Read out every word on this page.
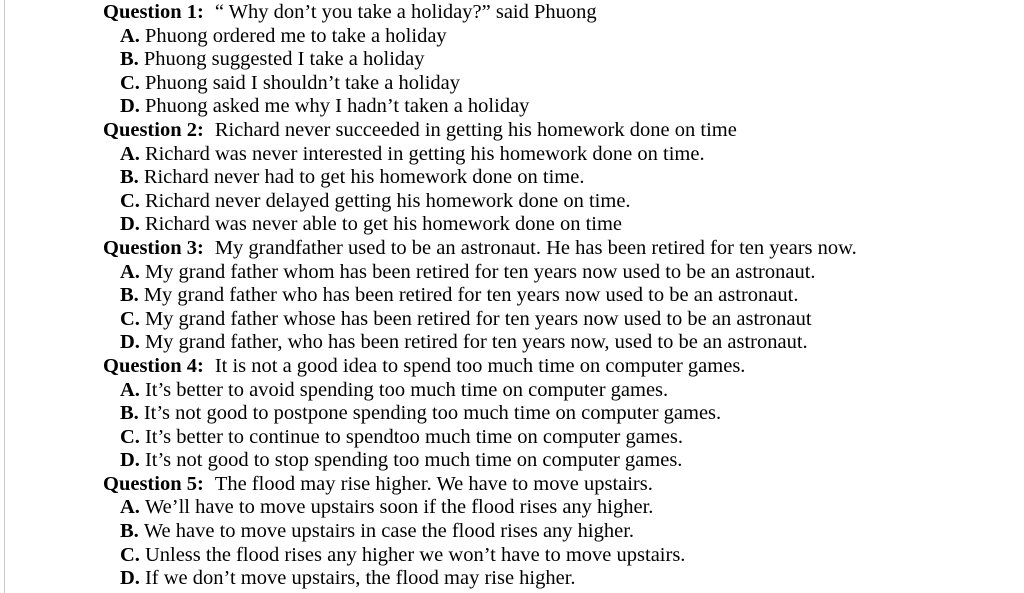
Question 1: “ Why don’t you take a holiday?” said Phuong
A. Phuong ordered me to take a holiday
B. Phuong suggested I take a holiday
C. Phuong said I shouldn’t take a holiday
D. Phuong asked me why I hadn’t taken a holiday
Question 2: Richard never succeeded in getting his homework done on time
A. Richard was never interested in getting his homework done on time.
B. Richard never had to get his homework done on time.
C. Richard never delayed getting his homework done on time.
D. Richard was never able to get his homework done on time
Question 3: My grandfather used to be an astronaut. He has been retired for ten years now.
A. My grand father whom has been retired for ten years now used to be an astronaut.
B. My grand father who has been retired for ten years now used to be an astronaut.
C. My grand father whose has been retired for ten years now used to be an astronaut
D. My grand father, who has been retired for ten years now, used to be an astronaut.
Question 4: It is not a good idea to spend too much time on computer games.
A. It’s better to avoid spending too much time on computer games.
B. It’s not good to postpone spending too much time on computer games.
C. It’s better to continue to spendtoo much time on computer games.
D. It’s not good to stop spending too much time on computer games.
Question 5: The flood may rise higher. We have to move upstairs.
A. We’ll have to move upstairs soon if the flood rises any higher.
B. We have to move upstairs in case the flood rises any higher.
C. Unless the flood rises any higher we won’t have to move upstairs.
D. If we don’t move upstairs, the flood may rise higher.
